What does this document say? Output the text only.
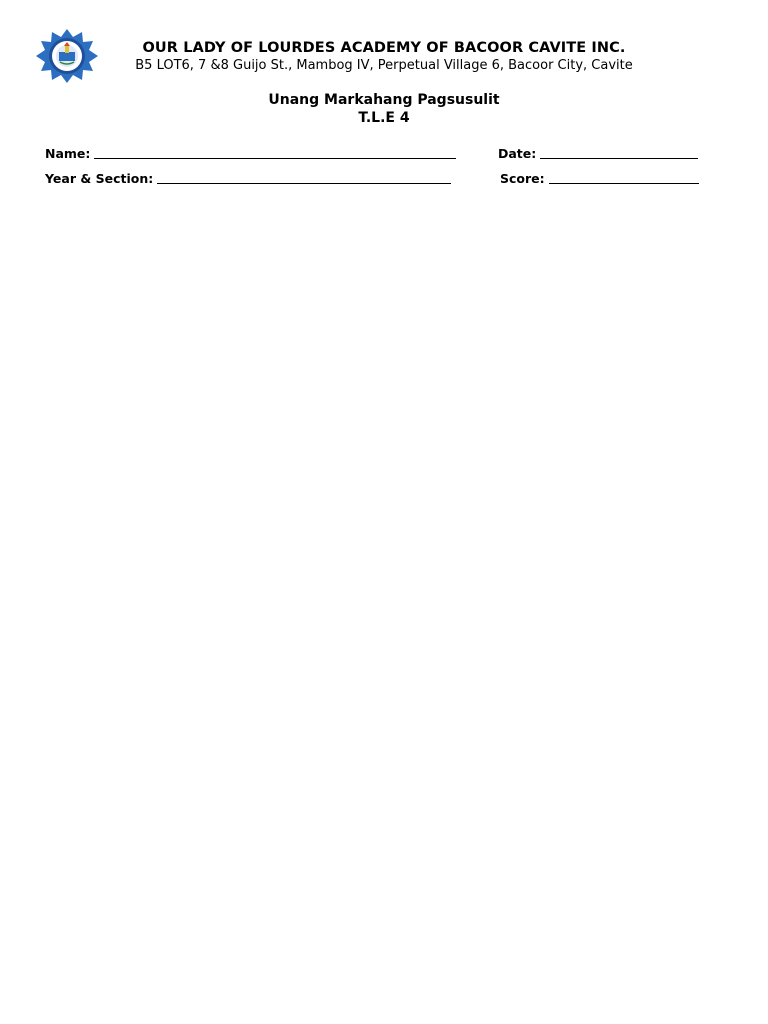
OUR LADY OF LOURDES ACADEMY OF BACOOR CAVITE INC.
B5 LOT6, 7 &8 Guijo St., Mambog IV, Perpetual Village 6, Bacoor City, Cavite
Unang Markahang Pagsusulit
T.L.E 4
Name:	Date:
Year & Section:	Score:
